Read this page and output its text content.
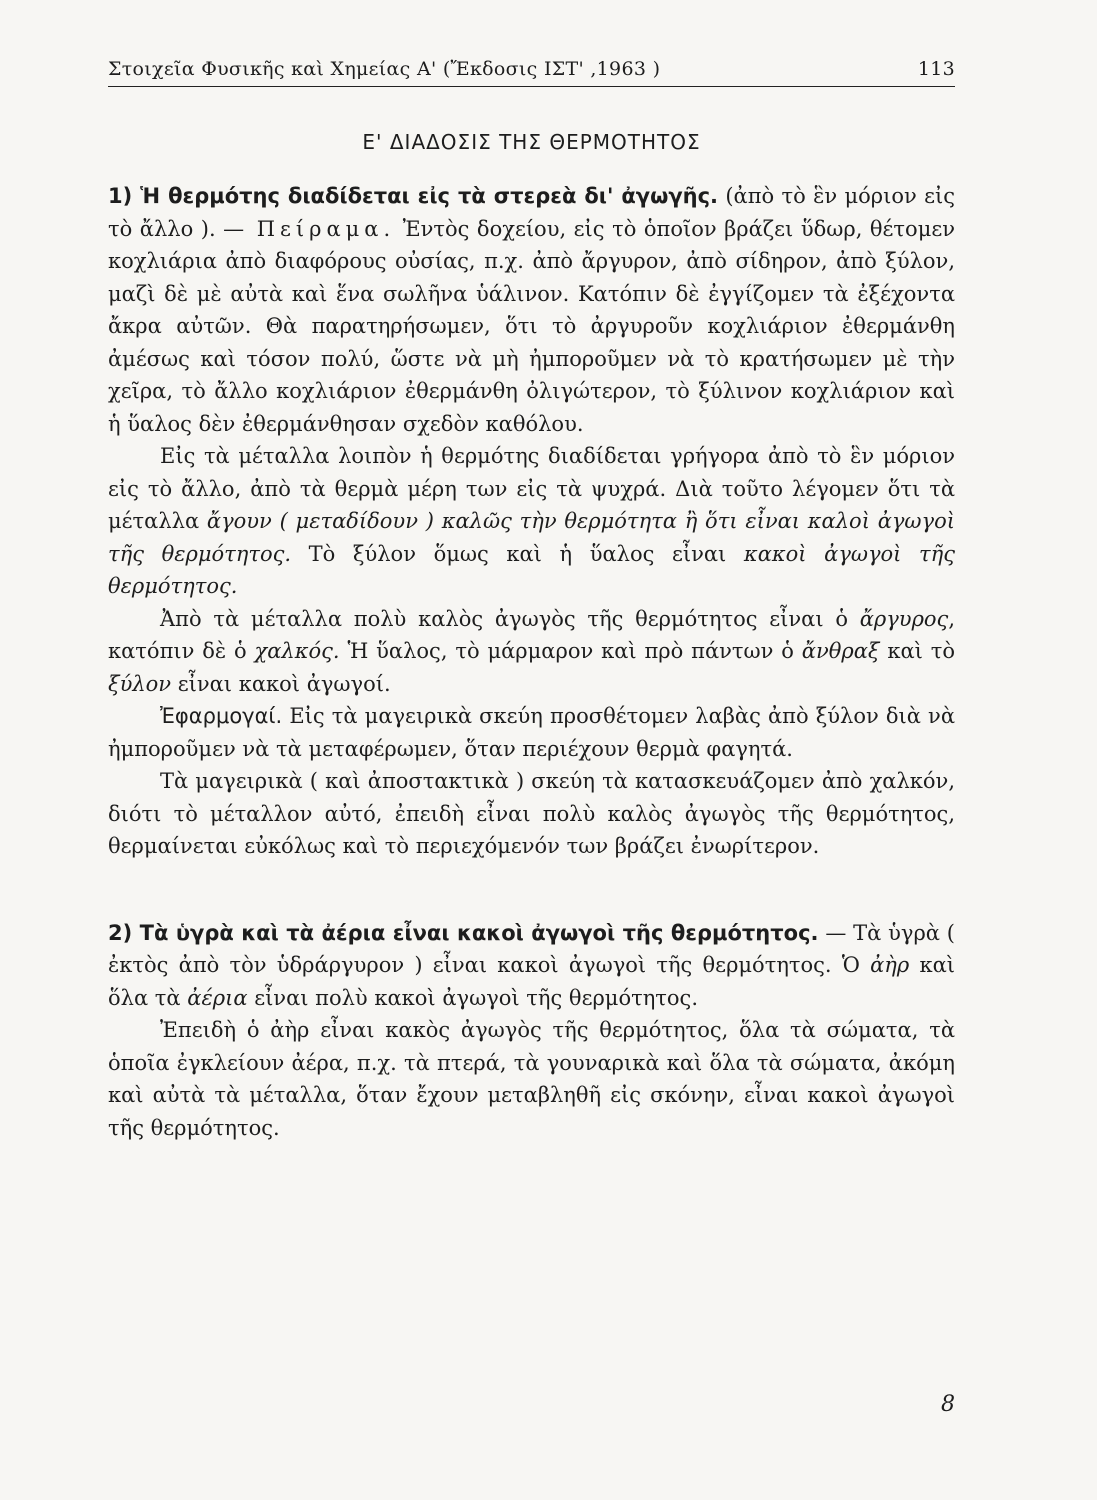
Στοιχεῖα Φυσικῆς καὶ Χημείας Α' (Ἔκδοσις ΙΣΤ' ,1963 )	113
Ε' ΔΙΑΔΟΣΙΣ ΤΗΣ ΘΕΡΜΟΤΗΤΟΣ

1) Ἡ θερμότης διαδίδεται εἰς τὰ στερεὰ δι' ἀγωγῆς. (ἀπὸ τὸ ἓν μόριον εἰς τὸ ἄλλο ). — Πείραμα. Ἐντὸς δοχείου, εἰς τὸ ὁποῖον βράζει ὕδωρ, θέτομεν κοχλιάρια ἀπὸ διαφόρους οὐσίας, π.χ. ἀπὸ ἄργυρον, ἀπὸ σίδηρον, ἀπὸ ξύλον, μαζὶ δὲ μὲ αὐτὰ καὶ ἕνα σωλῆνα ὑάλινον. Κατόπιν δὲ ἐγγίζομεν τὰ ἐξέχοντα ἄκρα αὐτῶν. Θὰ παρατηρήσωμεν, ὅτι τὸ ἀργυροῦν κοχλιάριον ἐθερμάνθη ἀμέσως καὶ τόσον πολύ, ὥστε νὰ μὴ ἠμποροῦμεν νὰ τὸ κρατήσωμεν μὲ τὴν χεῖρα, τὸ ἄλλο κοχλιάριον ἐθερμάνθη ὀλιγώτερον, τὸ ξύλινον κοχλιάριον καὶ ἡ ὕαλος δὲν ἐθερμάνθησαν σχεδὸν καθόλου.

Εἰς τὰ μέταλλα λοιπὸν ἡ θερμότης διαδίδεται γρήγορα ἀπὸ τὸ ἓν μόριον εἰς τὸ ἄλλο, ἀπὸ τὰ θερμὰ μέρη των εἰς τὰ ψυχρά. Διὰ τοῦτο λέγομεν ὅτι τὰ μέταλλα ἄγουν ( μεταδίδουν ) καλῶς τὴν θερμότητα ἢ ὅτι εἶναι καλοὶ ἀγωγοὶ τῆς θερμότητος. Τὸ ξύλον ὅμως καὶ ἡ ὕαλος εἶναι κακοὶ ἀγωγοὶ τῆς θερμότητος.

Ἀπὸ τὰ μέταλλα πολὺ καλὸς ἀγωγὸς τῆς θερμότητος εἶναι ὁ ἄργυρος, κατόπιν δὲ ὁ χαλκός. Ἡ ὕαλος, τὸ μάρμαρον καὶ πρὸ πάντων ὁ ἄνθραξ καὶ τὸ ξύλον εἶναι κακοὶ ἀγωγοί.

Ἐφαρμογαί. Εἰς τὰ μαγειρικὰ σκεύη προσθέτομεν λαβὰς ἀπὸ ξύλον διὰ νὰ ἠμποροῦμεν νὰ τὰ μεταφέρωμεν, ὅταν περιέχουν θερμὰ φαγητά.

Τὰ μαγειρικὰ ( καὶ ἀποστακτικὰ ) σκεύη τὰ κατασκευάζομεν ἀπὸ χαλκόν, διότι τὸ μέταλλον αὐτό, ἐπειδὴ εἶναι πολὺ καλὸς ἀγωγὸς τῆς θερμότητος, θερμαίνεται εὐκόλως καὶ τὸ περιεχόμενόν των βράζει ἐνωρίτερον.

2) Τὰ ὑγρὰ καὶ τὰ ἀέρια εἶναι κακοὶ ἀγωγοὶ τῆς θερμότητος. — Τὰ ὑγρὰ ( ἐκτὸς ἀπὸ τὸν ὑδράργυρον ) εἶναι κακοὶ ἀγωγοὶ τῆς θερμότητος. Ὁ ἀὴρ καὶ ὅλα τὰ ἀέρια εἶναι πολὺ κακοὶ ἀγωγοὶ τῆς θερμότητος.

Ἐπειδὴ ὁ ἀὴρ εἶναι κακὸς ἀγωγὸς τῆς θερμότητος, ὅλα τὰ σώματα, τὰ ὁποῖα ἐγκλείουν ἀέρα, π.χ. τὰ πτερά, τὰ γουναρικὰ καὶ ὅλα τὰ σώματα, ἀκόμη καὶ αὐτὰ τὰ μέταλλα, ὅταν ἔχουν μεταβληθῆ εἰς σκόνην, εἶναι κακοὶ ἀγωγοὶ τῆς θερμότητος.

8
